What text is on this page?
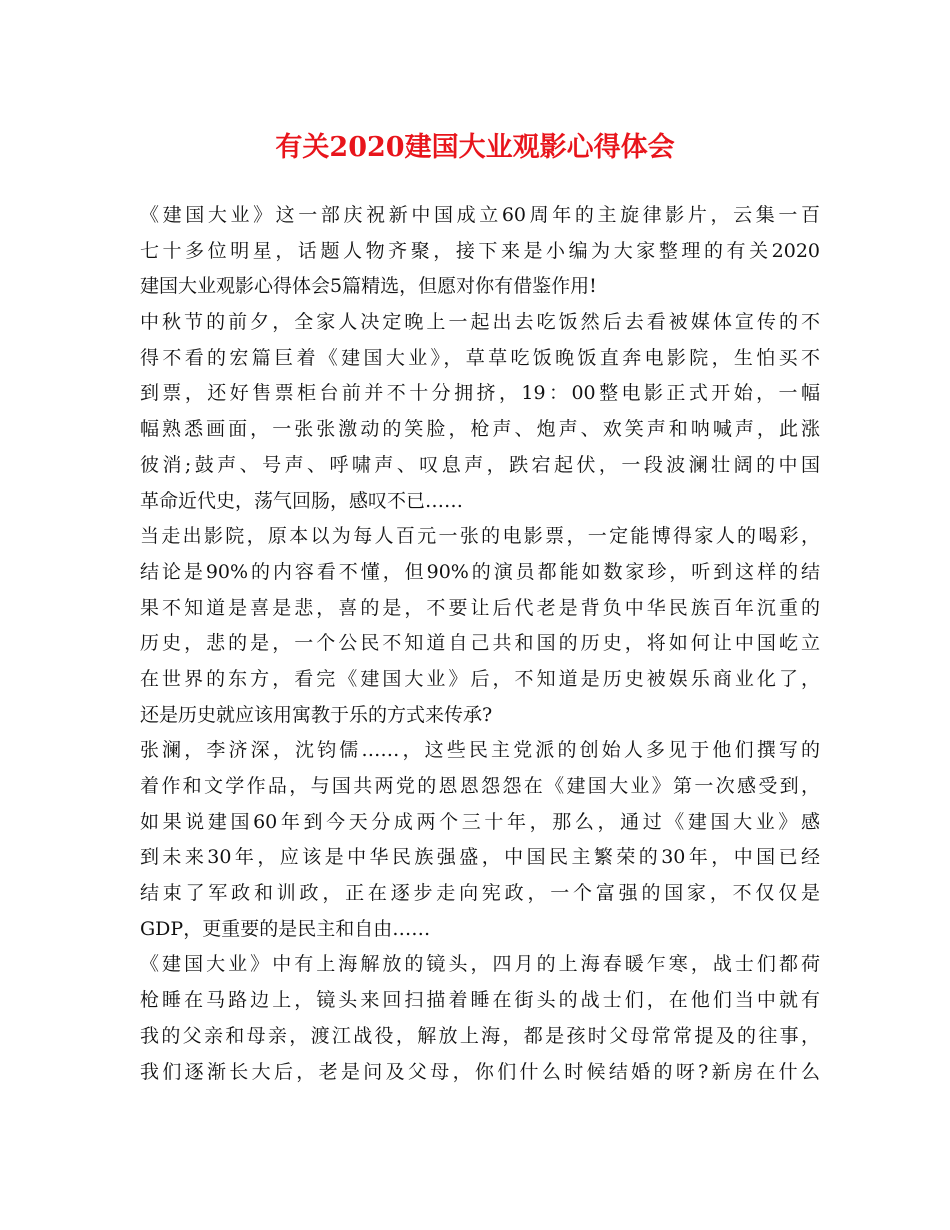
有关2020建国大业观影心得体会
《建国大业》这一部庆祝新中国成立60周年的主旋律影片，云集一百
七十多位明星，话题人物齐聚，接下来是小编为大家整理的有关2020
建国大业观影心得体会5篇精选，但愿对你有借鉴作用!
中秋节的前夕，全家人决定晚上一起出去吃饭然后去看被媒体宣传的不
得不看的宏篇巨着《建国大业》，草草吃饭晚饭直奔电影院，生怕买不
到票，还好售票柜台前并不十分拥挤，19：00整电影正式开始，一幅
幅熟悉画面，一张张激动的笑脸，枪声、炮声、欢笑声和呐喊声，此涨
彼消;鼓声、号声、呼啸声、叹息声，跌宕起伏，一段波澜壮阔的中国
革命近代史，荡气回肠，感叹不已……
当走出影院，原本以为每人百元一张的电影票，一定能博得家人的喝彩，
结论是90%的内容看不懂，但90%的演员都能如数家珍，听到这样的结
果不知道是喜是悲，喜的是，不要让后代老是背负中华民族百年沉重的
历史，悲的是，一个公民不知道自己共和国的历史，将如何让中国屹立
在世界的东方，看完《建国大业》后，不知道是历史被娱乐商业化了，
还是历史就应该用寓教于乐的方式来传承?
张澜，李济深，沈钧儒……，这些民主党派的创始人多见于他们撰写的
着作和文学作品，与国共两党的恩恩怨怨在《建国大业》第一次感受到，
如果说建国60年到今天分成两个三十年，那么，通过《建国大业》感
到未来30年，应该是中华民族强盛，中国民主繁荣的30年，中国已经
结束了军政和训政，正在逐步走向宪政，一个富强的国家，不仅仅是
GDP，更重要的是民主和自由……
《建国大业》中有上海解放的镜头，四月的上海春暖乍寒，战士们都荷
枪睡在马路边上，镜头来回扫描着睡在街头的战士们，在他们当中就有
我的父亲和母亲，渡江战役，解放上海，都是孩时父母常常提及的往事，
我们逐渐长大后，老是问及父母，你们什么时候结婚的呀?新房在什么
